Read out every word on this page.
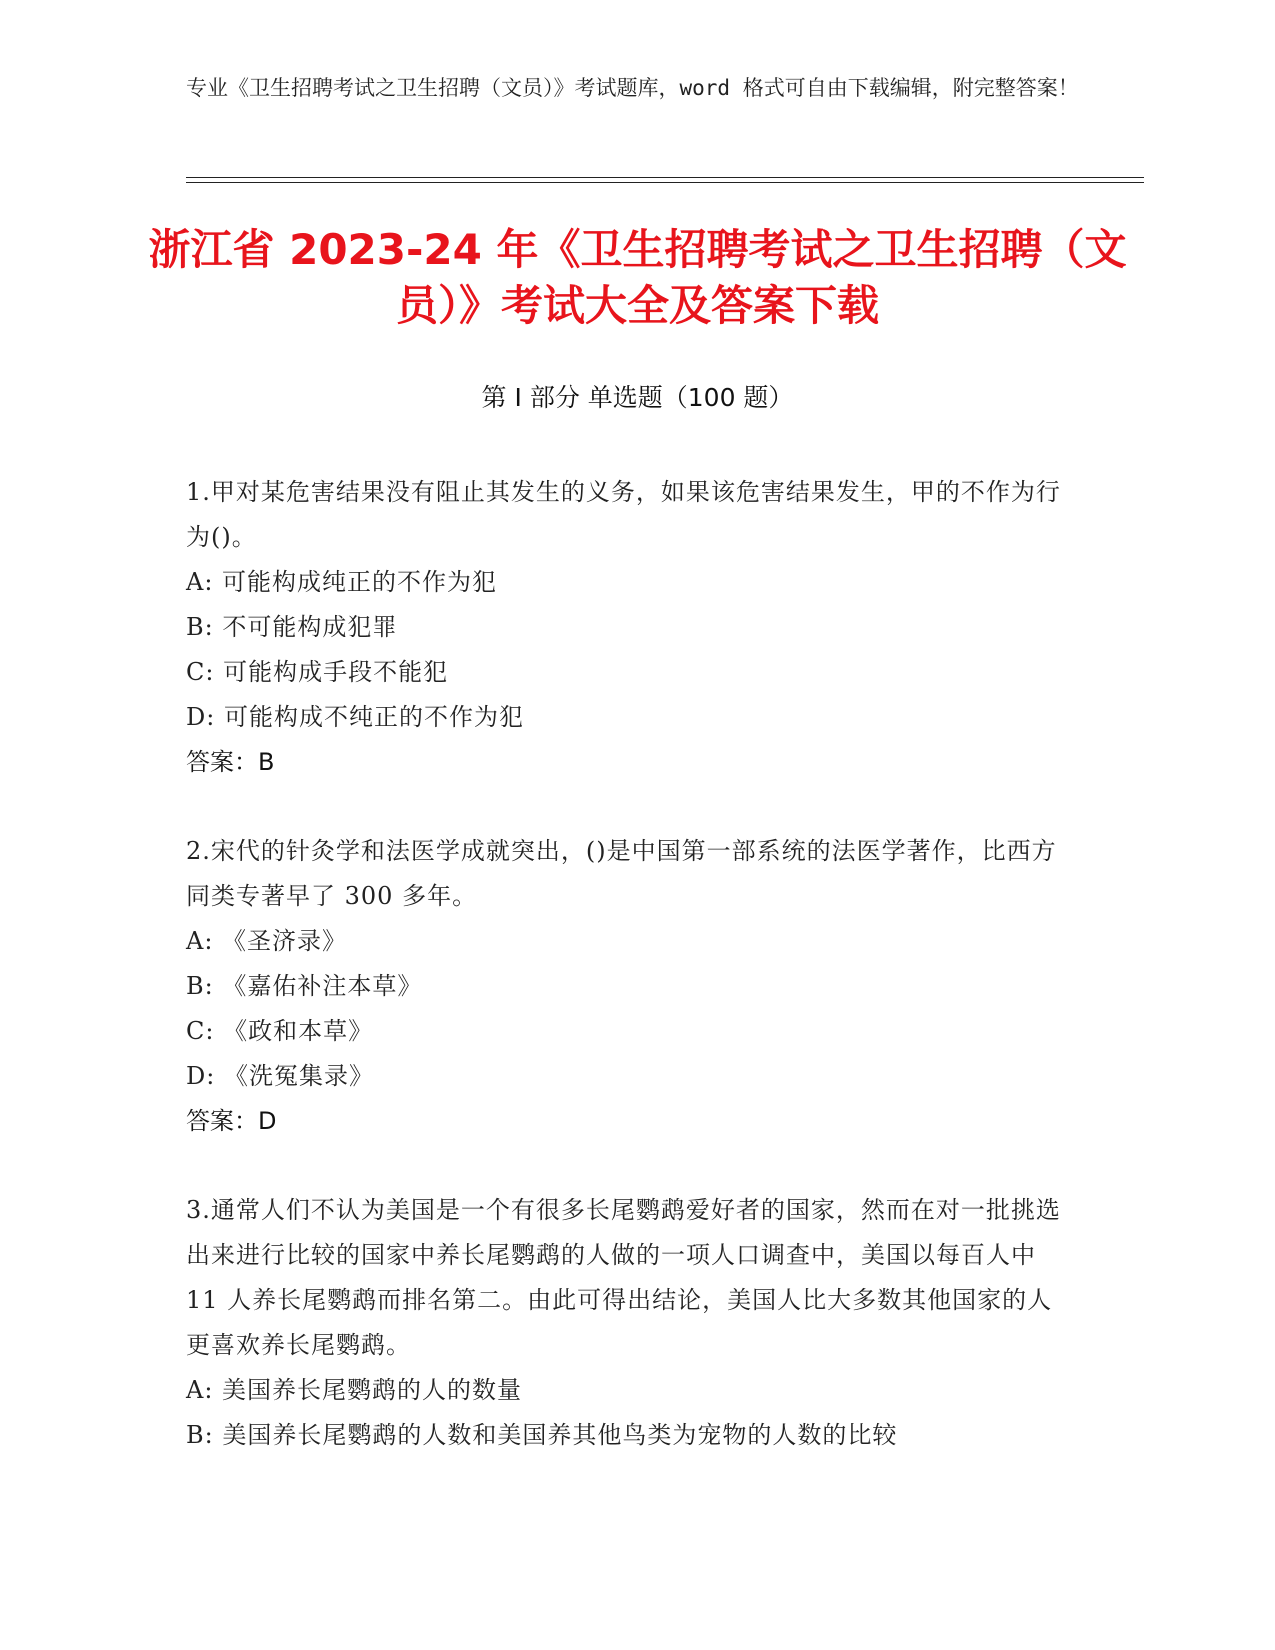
专业《卫生招聘考试之卫生招聘（文员）》考试题库，word 格式可自由下载编辑，附完整答案！
浙江省 2023-24 年《卫生招聘考试之卫生招聘（文员）》考试大全及答案下载
第 I 部分 单选题（100 题）

1.甲对某危害结果没有阻止其发生的义务，如果该危害结果发生，甲的不作为行为()。

A: 可能构成纯正的不作为犯

B: 不可能构成犯罪

C: 可能构成手段不能犯

D: 可能构成不纯正的不作为犯

答案：B

2.宋代的针灸学和法医学成就突出，()是中国第一部系统的法医学著作，比西方同类专著早了 300 多年。

A: 《圣济录》

B: 《嘉佑补注本草》

C: 《政和本草》

D: 《洗冤集录》

答案：D

3.通常人们不认为美国是一个有很多长尾鹦鹉爱好者的国家，然而在对一批挑选出来进行比较的国家中养长尾鹦鹉的人做的一项人口调查中，美国以每百人中 11 人养长尾鹦鹉而排名第二。由此可得出结论，美国人比大多数其他国家的人更喜欢养长尾鹦鹉。

A: 美国养长尾鹦鹉的人的数量

B: 美国养长尾鹦鹉的人数和美国养其他鸟类为宠物的人数的比较
